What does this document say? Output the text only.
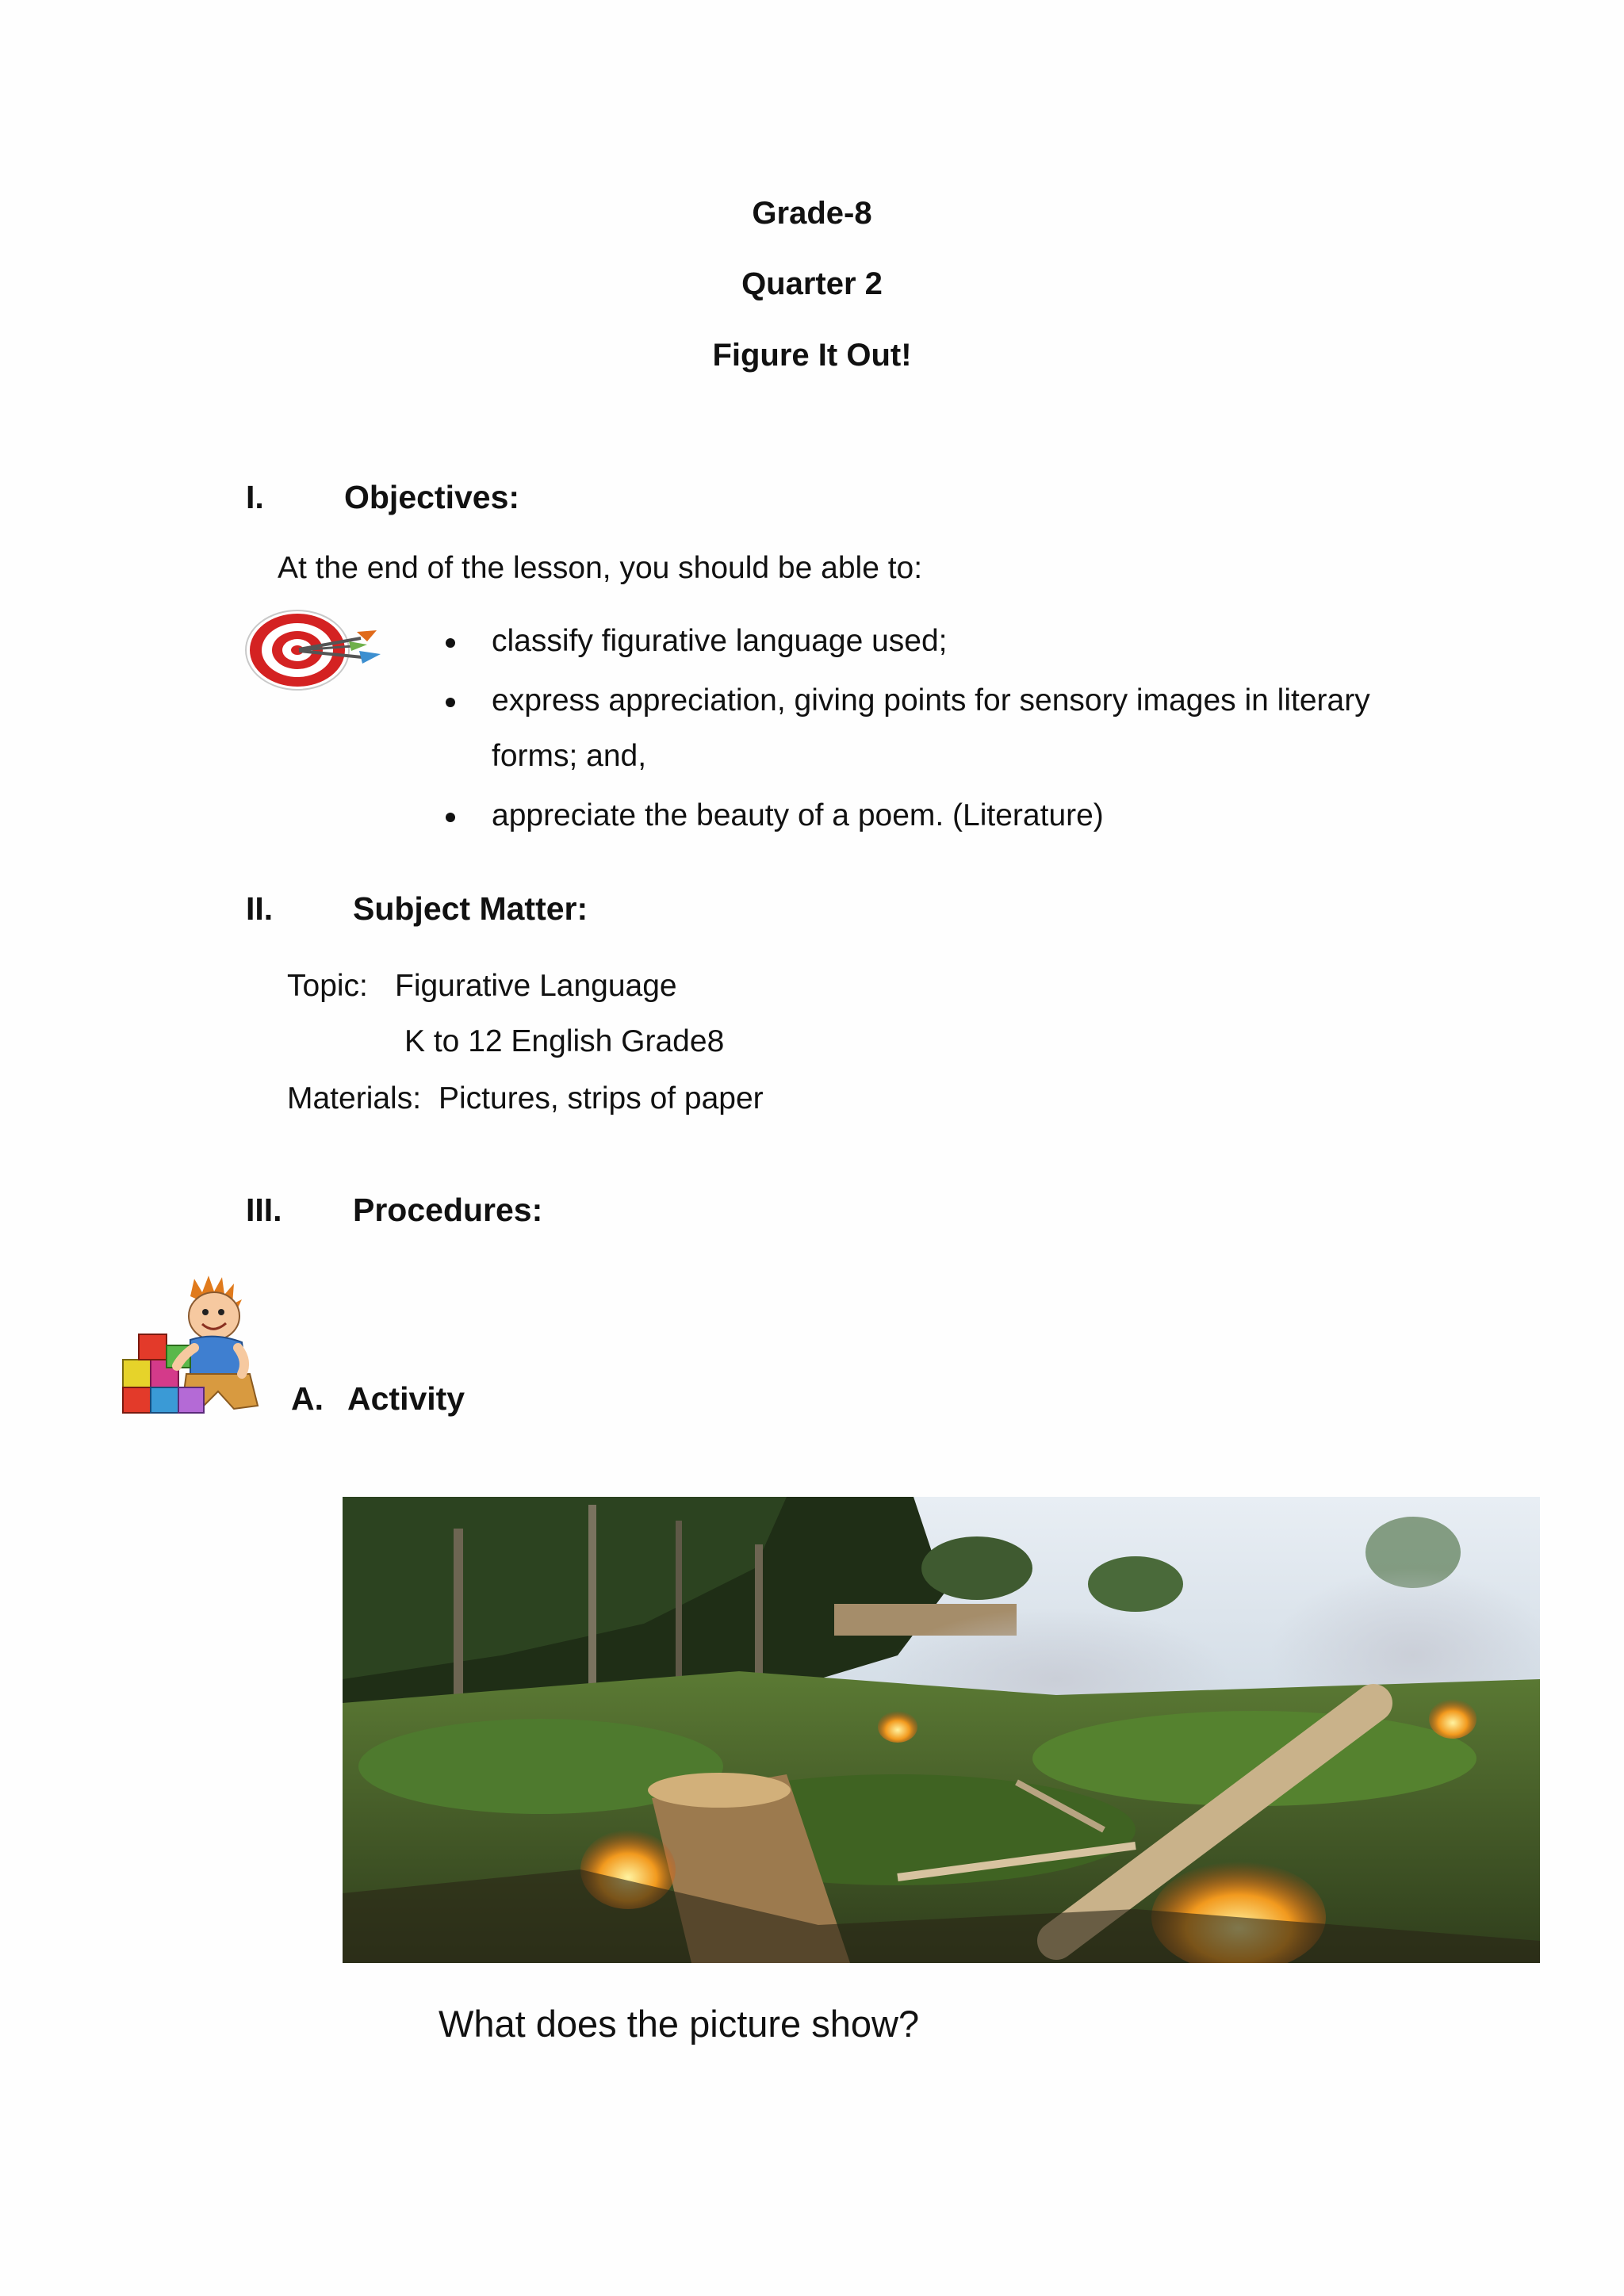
Grade-8
Quarter 2
Figure It Out!
I. Objectives:
At the end of the lesson, you should be able to:
classify figurative language used;
express appreciation, giving points for sensory images in literary
forms; and,
appreciate the beauty of a poem. (Literature)
II. Subject Matter:
Topic: Figurative Language
K to 12 English Grade8
Materials: Pictures, strips of paper
III. Procedures:
A. Activity
What does the picture show?
